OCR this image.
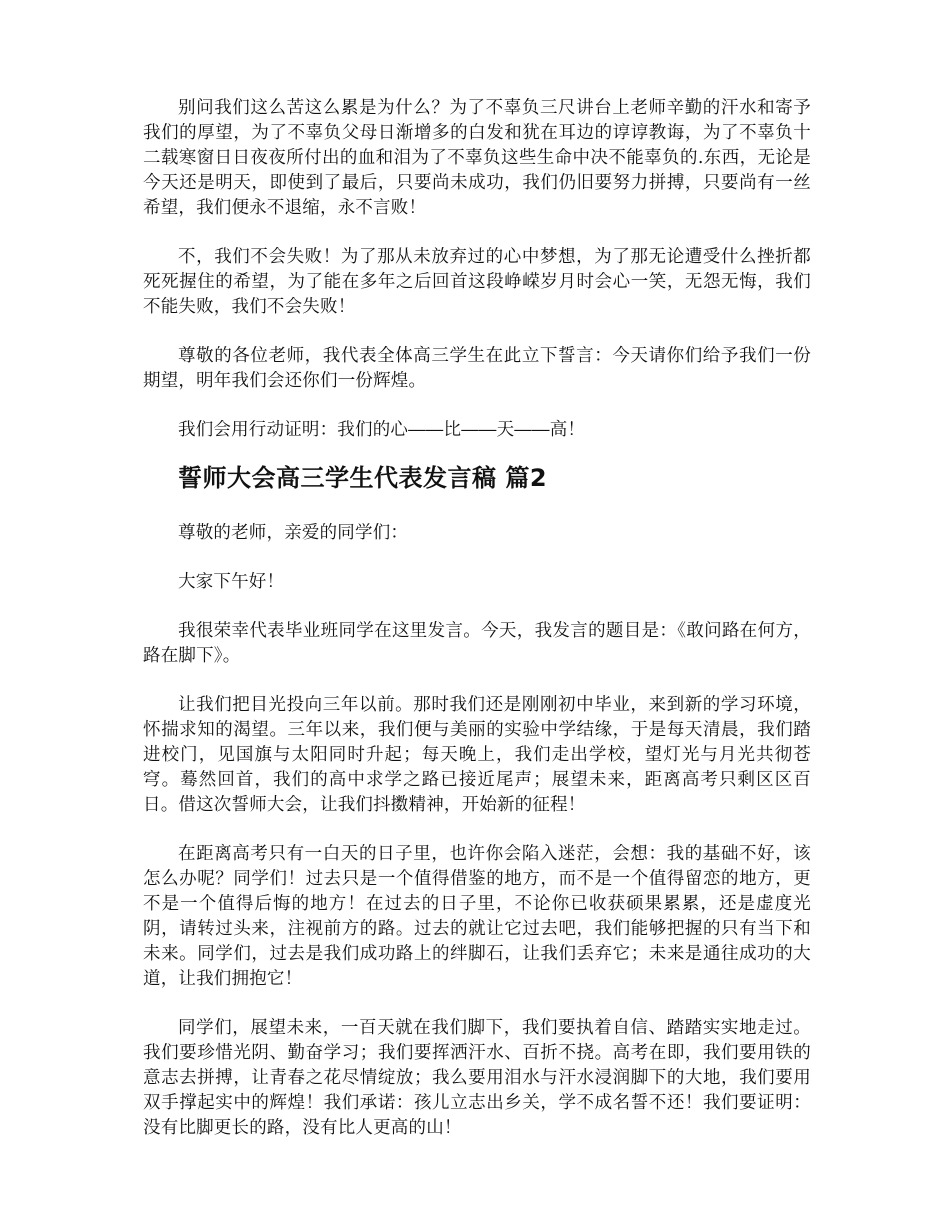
别问我们这么苦这么累是为什么？为了不辜负三尺讲台上老师辛勤的汗水和寄予我们的厚望，为了不辜负父母日渐增多的白发和犹在耳边的谆谆教诲，为了不辜负十二载寒窗日日夜夜所付出的血和泪为了不辜负这些生命中决不能辜负的.东西，无论是今天还是明天，即使到了最后，只要尚未成功，我们仍旧要努力拼搏，只要尚有一丝希望，我们便永不退缩，永不言败！

不，我们不会失败！为了那从未放弃过的心中梦想，为了那无论遭受什么挫折都死死握住的希望，为了能在多年之后回首这段峥嵘岁月时会心一笑，无怨无悔，我们不能失败，我们不会失败！

尊敬的各位老师，我代表全体高三学生在此立下誓言：今天请你们给予我们一份期望，明年我们会还你们一份辉煌。

我们会用行动证明：我们的心――比――天――高！

誓师大会高三学生代表发言稿 篇2

尊敬的老师，亲爱的同学们：

大家下午好！

我很荣幸代表毕业班同学在这里发言。今天，我发言的题目是：《敢问路在何方，路在脚下》。

让我们把目光投向三年以前。那时我们还是刚刚初中毕业，来到新的学习环境，怀揣求知的渴望。三年以来，我们便与美丽的实验中学结缘，于是每天清晨，我们踏进校门，见国旗与太阳同时升起；每天晚上，我们走出学校，望灯光与月光共彻苍穹。蓦然回首，我们的高中求学之路已接近尾声；展望未来，距离高考只剩区区百日。借这次誓师大会，让我们抖擞精神，开始新的征程！

在距离高考只有一白天的日子里，也许你会陷入迷茫，会想：我的基础不好，该怎么办呢？同学们！过去只是一个值得借鉴的地方，而不是一个值得留恋的地方，更不是一个值得后悔的地方！在过去的日子里，不论你已收获硕果累累，还是虚度光阴，请转过头来，注视前方的路。过去的就让它过去吧，我们能够把握的只有当下和未来。同学们，过去是我们成功路上的绊脚石，让我们丢弃它；未来是通往成功的大道，让我们拥抱它！

同学们，展望未来，一百天就在我们脚下，我们要执着自信、踏踏实实地走过。我们要珍惜光阴、勤奋学习；我们要挥洒汗水、百折不挠。高考在即，我们要用铁的意志去拼搏，让青春之花尽情绽放；我么要用泪水与汗水浸润脚下的大地，我们要用双手撑起实中的辉煌！我们承诺：孩儿立志出乡关，学不成名誓不还！我们要证明：没有比脚更长的路，没有比人更高的山！
